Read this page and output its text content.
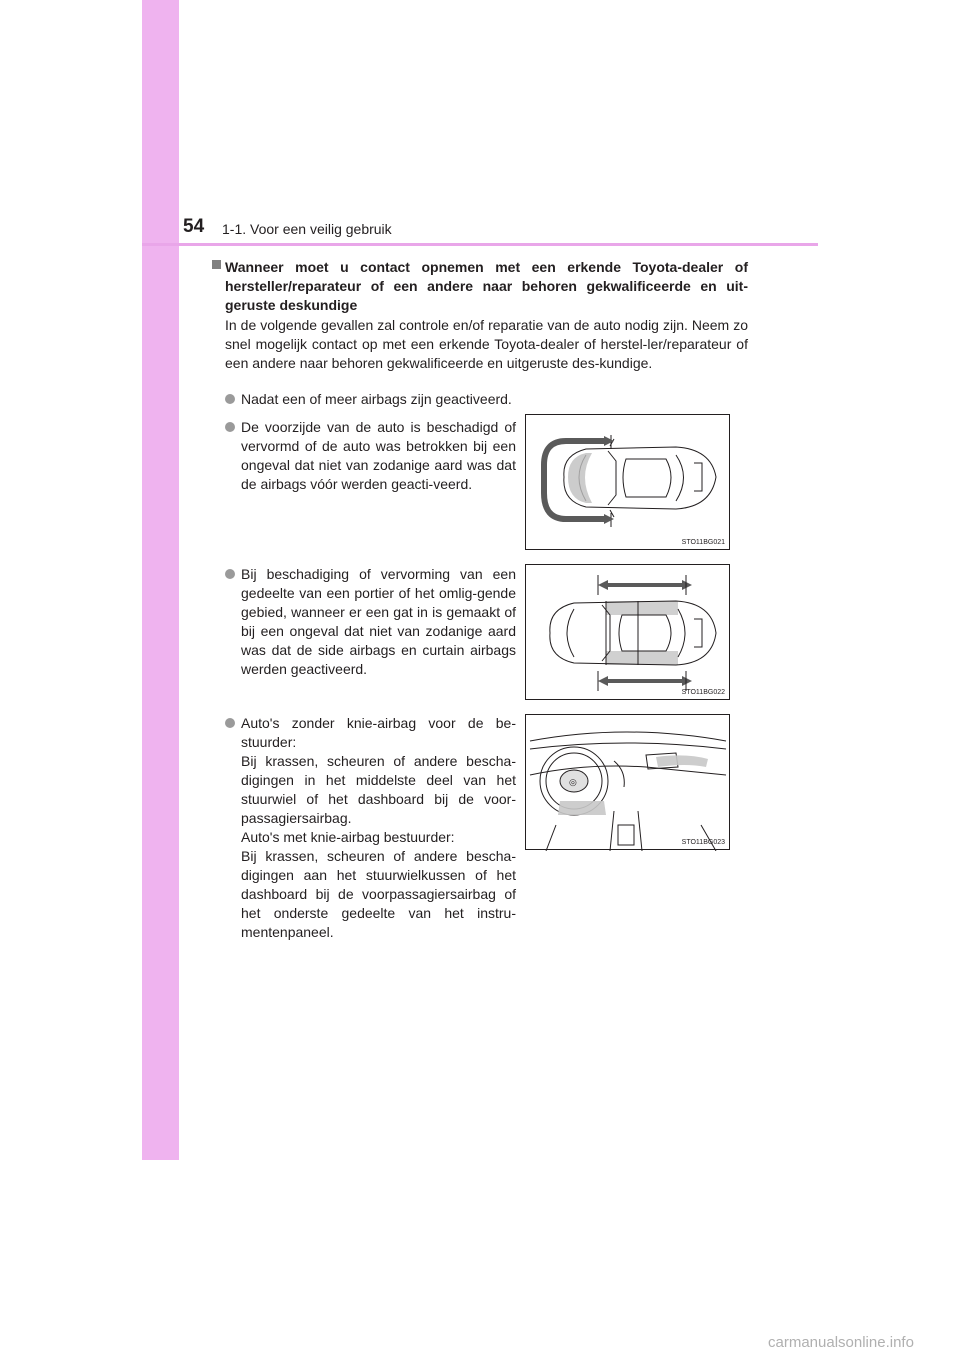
54 1-1. Voor een veilig gebruik
Wanneer moet u contact opnemen met een erkende Toyota-dealer of hersteller/reparateur of een andere naar behoren gekwalificeerde en uit-geruste deskundige
In de volgende gevallen zal controle en/of reparatie van de auto nodig zijn. Neem zo snel mogelijk contact op met een erkende Toyota-dealer of herstel-ler/reparateur of een andere naar behoren gekwalificeerde en uitgeruste des-kundige.
Nadat een of meer airbags zijn geactiveerd.
De voorzijde van de auto is beschadigd of vervormd of de auto was betrokken bij een ongeval dat niet van zodanige aard was dat de airbags vóór werden geacti-veerd.
Bij beschadiging of vervorming van een gedeelte van een portier of het omlig-gende gebied, wanneer er een gat in is gemaakt of bij een ongeval dat niet van zodanige aard was dat de side airbags en curtain airbags werden geactiveerd.
Auto's zonder knie-airbag voor de be-stuurder:
Bij krassen, scheuren of andere bescha-digingen in het middelste deel van het stuurwiel of het dashboard bij de voor-passagiersairbag.
Auto's met knie-airbag bestuurder:
Bij krassen, scheuren of andere bescha-digingen aan het stuurwielkussen of het dashboard bij de voorpassagiersairbag of het onderste gedeelte van het instru-mentenpaneel.
STO11BG021
STO11BG022
◎
STO11BG023
carmanualsonline.info
